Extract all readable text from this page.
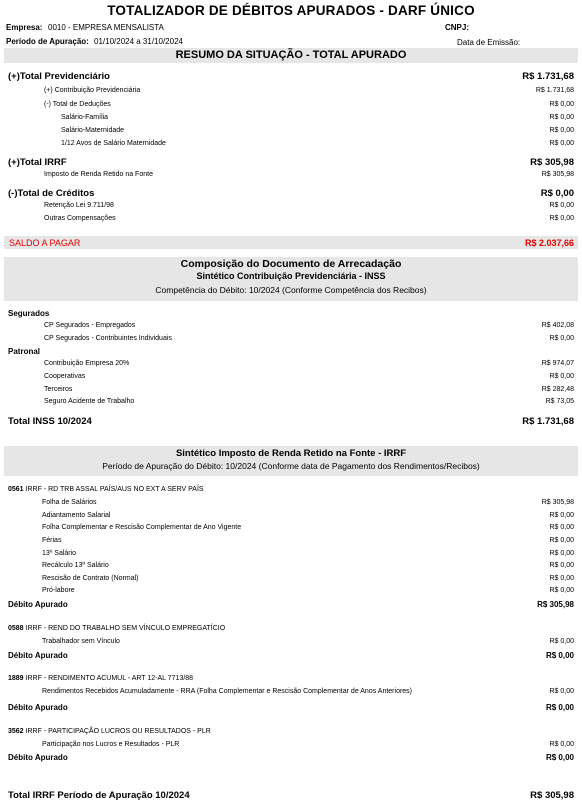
TOTALIZADOR DE DÉBITOS APURADOS - DARF ÚNICO
Empresa: 0010 - EMPRESA MENSALISTA	CNPJ:
Período de Apuração: 01/10/2024 a 31/10/2024	Data de Emissão:
RESUMO DA SITUAÇÃO - TOTAL APURADO
(+)Total Previdenciário	R$ 1.731,68
(+) Contribuição Previdenciária	R$ 1.731,68
(-) Total de Deduções	R$ 0,00
Salário-Família	R$ 0,00
Salário-Maternidade	R$ 0,00
1/12 Avos de Salário Maternidade	R$ 0,00
(+)Total IRRF	R$ 305,98
Imposto de Renda Retido na Fonte	R$ 305,98
(-)Total de Créditos	R$ 0,00
Retenção Lei 9.711/98	R$ 0,00
Outras Compensações	R$ 0,00
SALDO A PAGAR	R$ 2.037,66
Composição do Documento de Arrecadação
Sintético Contribuição Previdenciária - INSS
Competência do Débito: 10/2024 (Conforme Competência dos Recibos)
Segurados
CP Segurados - Empregados	R$ 402,08
CP Segurados - Contribuintes Individuais	R$ 0,00
Patronal
Contribuição Empresa 20%	R$ 974,07
Cooperativas	R$ 0,00
Terceiros	R$ 282,48
Seguro Acidente de Trabalho	R$ 73,05
Total INSS 10/2024	R$ 1.731,68
Sintético Imposto de Renda Retido na Fonte - IRRF
Período de Apuração do Débito: 10/2024 (Conforme data de Pagamento dos Rendimentos/Recibos)
0561 IRRF - RD TRB ASSAL PAÍS/AUS NO EXT A SERV PAÍS
Folha de Salários	R$ 305,98
Adiantamento Salarial	R$ 0,00
Folha Complementar e Rescisão Complementar de Ano Vigente	R$ 0,00
Férias	R$ 0,00
13º Salário	R$ 0,00
Recálculo 13º Salário	R$ 0,00
Rescisão de Contrato (Normal)	R$ 0,00
Pró-labore	R$ 0,00
Débito Apurado	R$ 305,98
0588 IRRF - REND DO TRABALHO SEM VÍNCULO EMPREGATÍCIO
Trabalhador sem Vínculo	R$ 0,00
Débito Apurado	R$ 0,00
1889 IRRF - RENDIMENTO ACUMUL - ART 12-AL 7713/88
Rendimentos Recebidos Acumuladamente - RRA (Folha Complementar e Rescisão Complementar de Anos Anteriores)	R$ 0,00
Débito Apurado	R$ 0,00
3562 IRRF - PARTICIPAÇÃO LUCROS OU RESULTADOS - PLR
Participação nos Lucros e Resultados - PLR	R$ 0,00
Débito Apurado	R$ 0,00
Total IRRF Período de Apuração 10/2024	R$ 305,98
